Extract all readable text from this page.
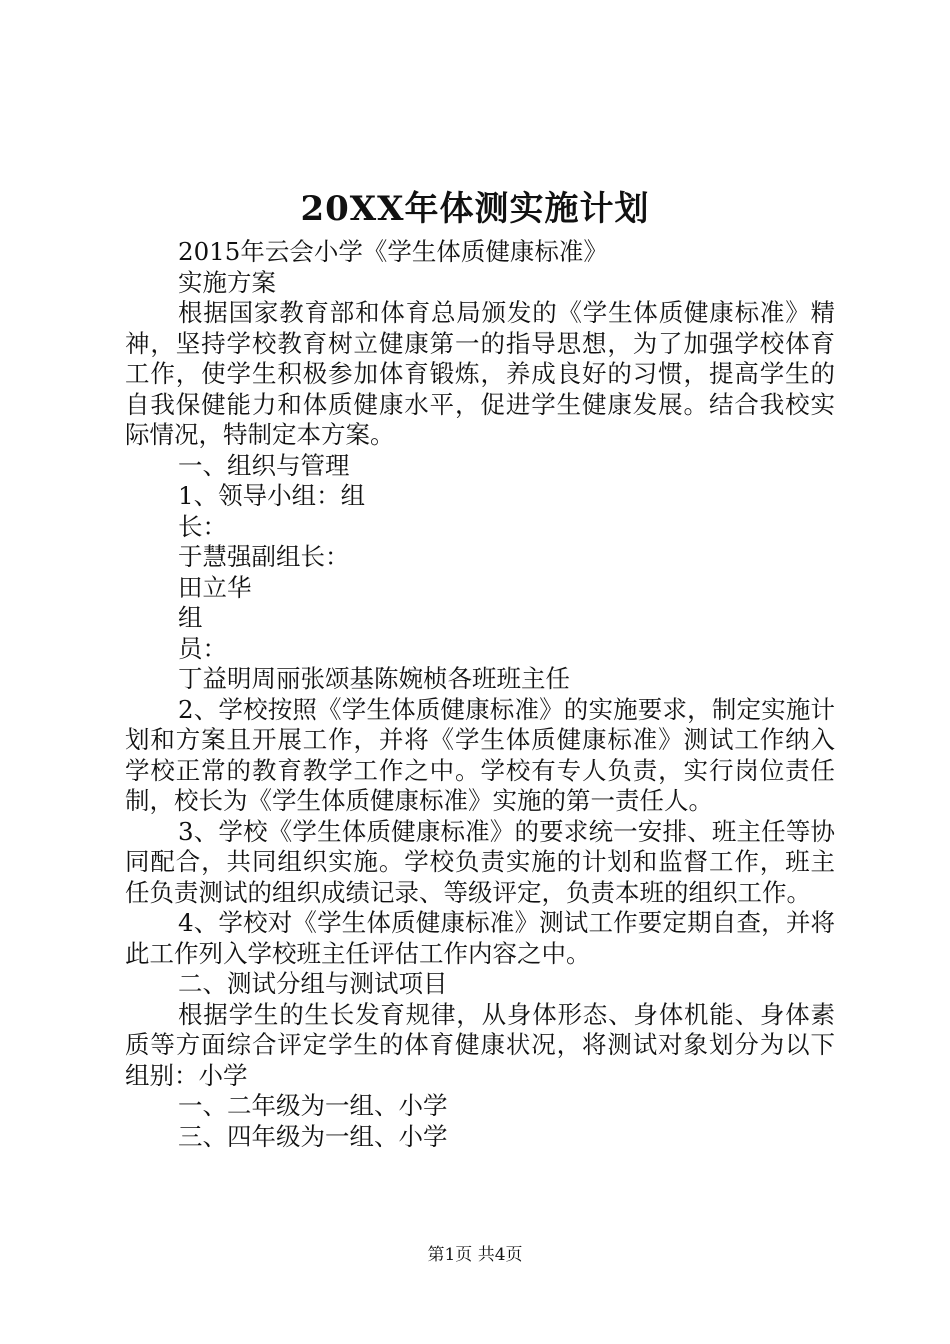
20XX年体测实施计划

2015年云会小学《学生体质健康标准》

实施方案

根据国家教育部和体育总局颁发的《学生体质健康标准》精神，坚持学校教育树立健康第一的指导思想，为了加强学校体育工作，使学生积极参加体育锻炼，养成良好的习惯，提高学生的自我保健能力和体质健康水平，促进学生健康发展。结合我校实际情况，特制定本方案。

一、组织与管理

1、领导小组：组

长：

于慧强副组长：

田立华

组

员：

丁益明周丽张颂基陈婉桢各班班主任

2、学校按照《学生体质健康标准》的实施要求，制定实施计划和方案且开展工作，并将《学生体质健康标准》测试工作纳入学校正常的教育教学工作之中。学校有专人负责，实行岗位责任制，校长为《学生体质健康标准》实施的第一责任人。

3、学校《学生体质健康标准》的要求统一安排、班主任等协同配合，共同组织实施。学校负责实施的计划和监督工作，班主任负责测试的组织成绩记录、等级评定，负责本班的组织工作。

4、学校对《学生体质健康标准》测试工作要定期自查，并将此工作列入学校班主任评估工作内容之中。

二、测试分组与测试项目

根据学生的生长发育规律，从身体形态、身体机能、身体素质等方面综合评定学生的体育健康状况，将测试对象划分为以下组别：小学

一、二年级为一组、小学

三、四年级为一组、小学

第1页 共4页
